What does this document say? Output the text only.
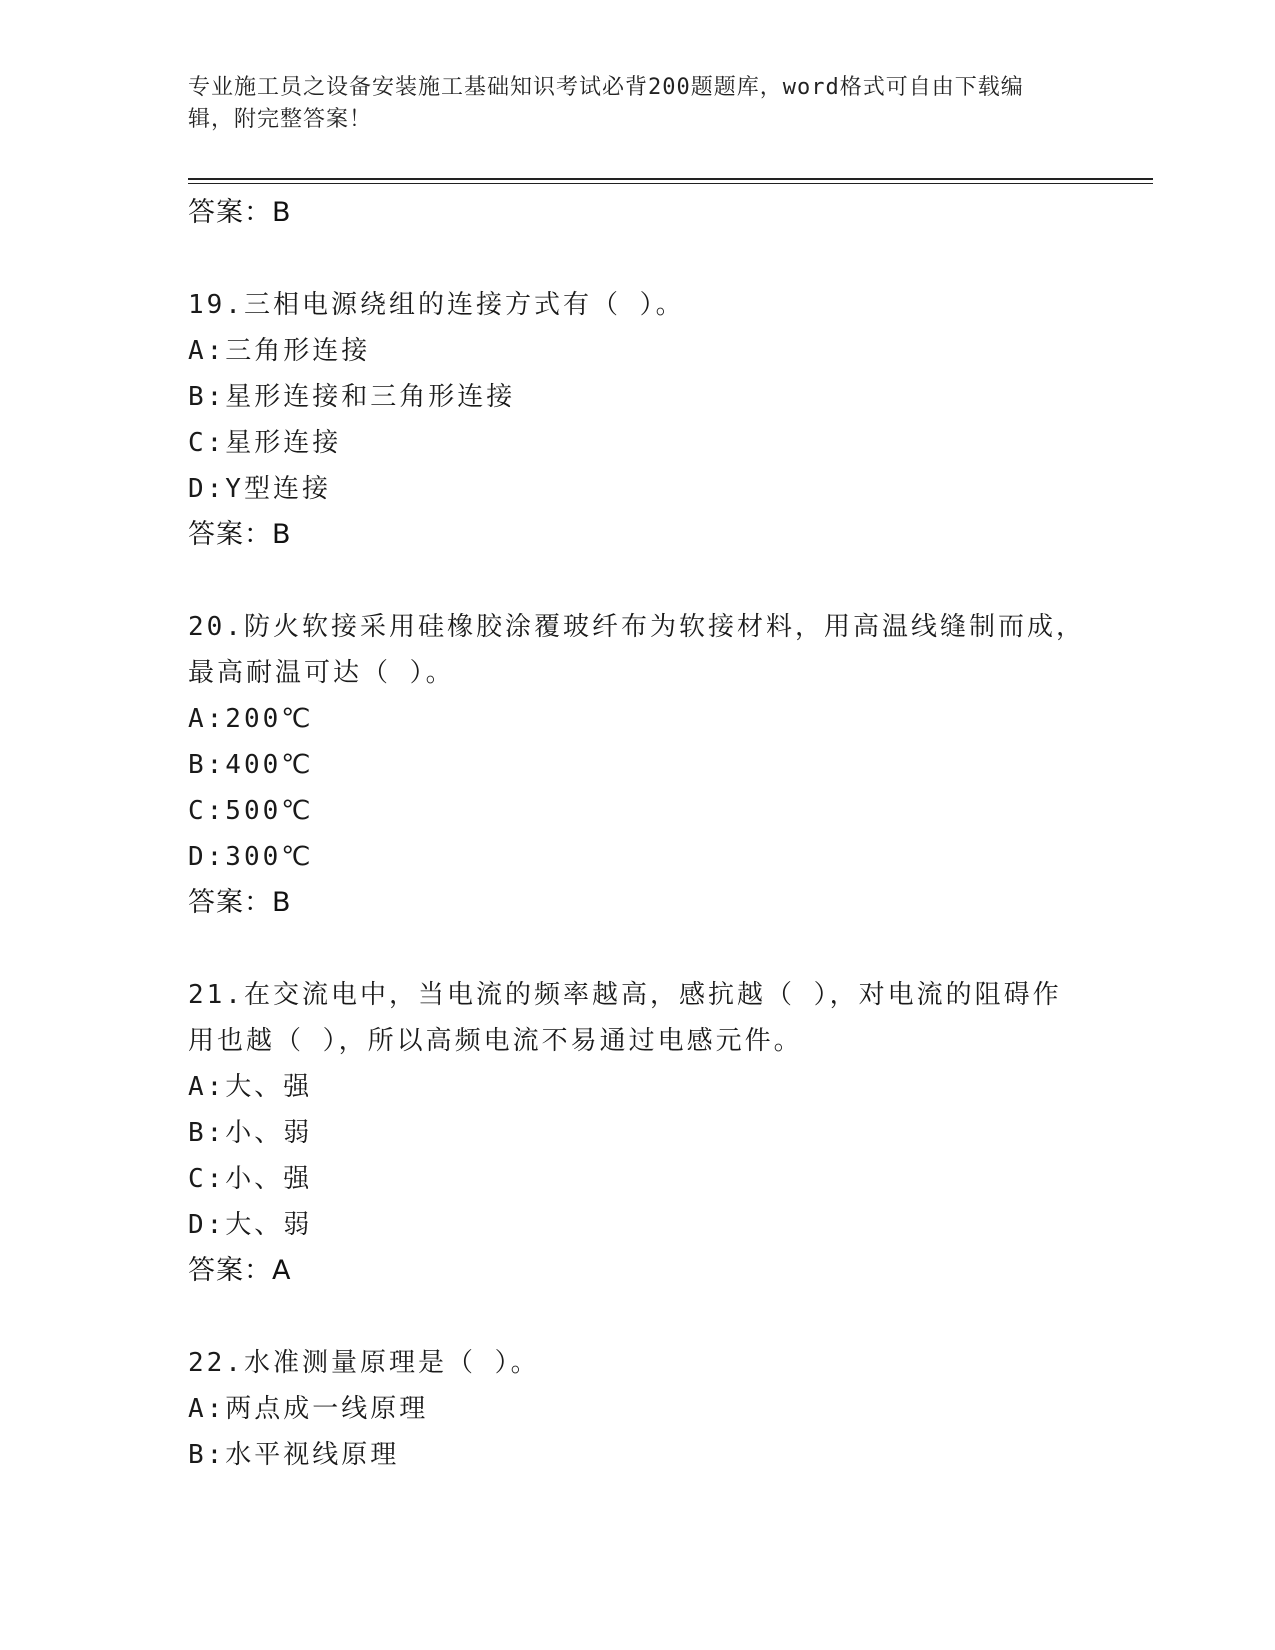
专业施工员之设备安装施工基础知识考试必背200题题库，word格式可自由下载编辑，附完整答案！
答案：B
19.三相电源绕组的连接方式有（ ）。
A:三角形连接
B:星形连接和三角形连接
C:星形连接
D:Y型连接
答案：B
20.防火软接采用硅橡胶涂覆玻纤布为软接材料，用高温线缝制而成，最高耐温可达（ ）。
A:200℃
B:400℃
C:500℃
D:300℃
答案：B
21.在交流电中，当电流的频率越高，感抗越（ ），对电流的阻碍作用也越（ ），所以高频电流不易通过电感元件。
A:大、强
B:小、弱
C:小、强
D:大、弱
答案：A
22.水准测量原理是（ ）。
A:两点成一线原理
B:水平视线原理
